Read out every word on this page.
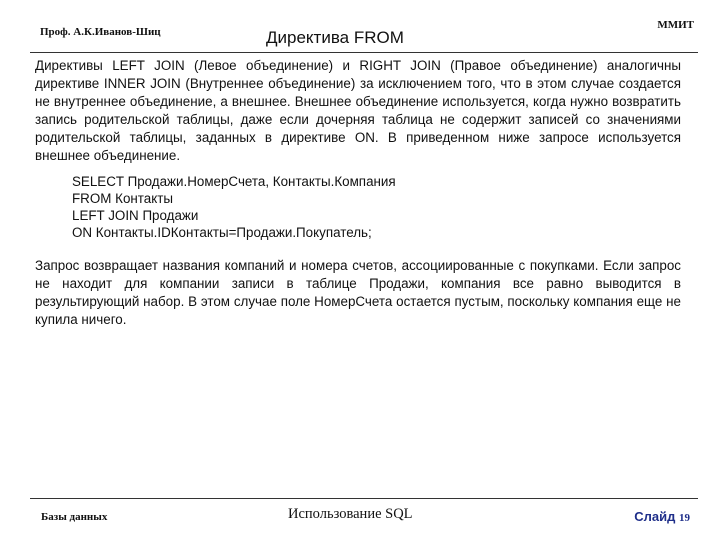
Проф. А.К.Иванов-Шиц	Директива FROM
ММИТ

Директивы LEFT JOIN (Левое объединение) и RIGHT JOIN (Правое объединение) аналогичны директиве INNER JOIN (Внутреннее объединение) за исключением того, что в этом случае создается не внутреннее объединение, а внешнее. Внешнее объединение используется, когда нужно возвратить запись родительской таблицы, даже если дочерняя таблица не содержит записей со значениями родительской таблицы, заданных в директиве ON. В приведенном ниже запросе используется внешнее объединение.

SELECT Продажи.НомерСчета, Контакты.Компания
FROM Контакты
LEFT JOIN Продажи
ON Контакты.IDКонтакты=Продажи.Покупатель;

Запрос возвращает названия компаний и номера счетов, ассоциированные с покупками. Если запрос не находит для компании записи в таблице Продажи, компания все равно выводится в результирующий набор. В этом случае поле НомерСчета остается пустым, поскольку компания еще не купила ничего.

Базы данных	Использование SQL	Слайд 19
